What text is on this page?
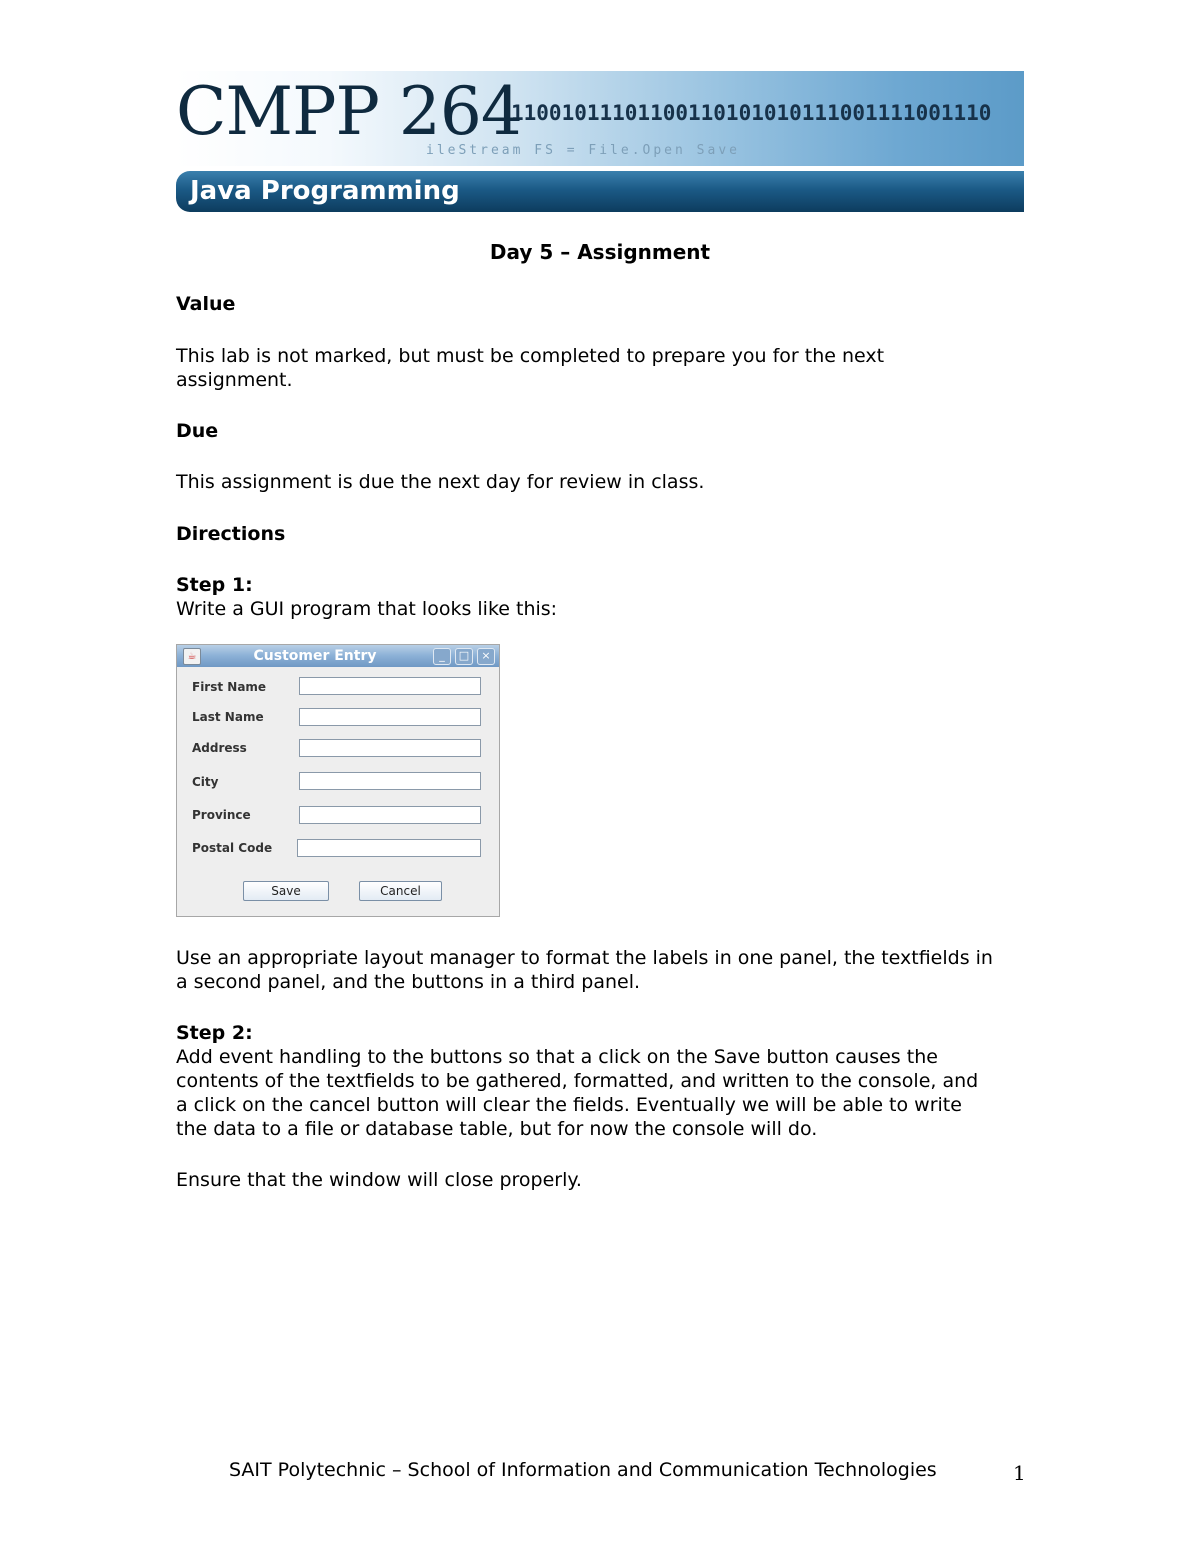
11001011101100110101010111001111001110
ileStream FS = File.Open Save
CMPP 264
Java Programming
Day 5 – Assignment
Value
This lab is not marked, but must be completed to prepare you for the next
assignment.
Due
This assignment is due the next day for review in class.
Directions
Step 1:
Write a GUI program that looks like this:
☕	Customer Entry	_	□	×
First Name
Last Name
Address
City
Province
Postal Code
Save	Cancel
Use an appropriate layout manager to format the labels in one panel, the textfields in
a second panel, and the buttons in a third panel.
Step 2:
Add event handling to the buttons so that a click on the Save button causes the
contents of the textfields to be gathered, formatted, and written to the console, and
a click on the cancel button will clear the fields. Eventually we will be able to write
the data to a file or database table, but for now the console will do.
Ensure that the window will close properly.
SAIT Polytechnic – School of Information and Communication Technologies	1
